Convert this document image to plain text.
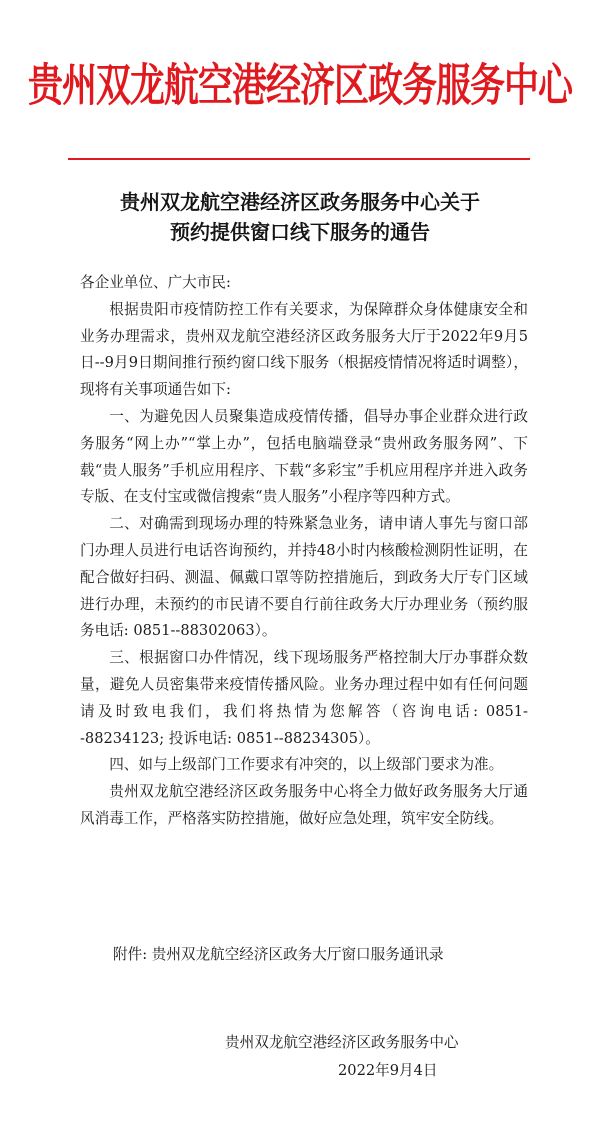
贵州双龙航空港经济区政务服务中心
贵州双龙航空港经济区政务服务中心关于
预约提供窗口线下服务的通告

各企业单位、广大市民:

根据贵阳市疫情防控工作有关要求，为保障群众身体健康安全和业务办理需求，贵州双龙航空港经济区政务服务大厅于2022年9月5日--9月9日期间推行预约窗口线下服务（根据疫情情况将适时调整），现将有关事项通告如下:

一、为避免因人员聚集造成疫情传播，倡导办事企业群众进行政务服务“网上办”“掌上办”，包括电脑端登录“贵州政务服务网”、下载“贵人服务”手机应用程序、下载“多彩宝”手机应用程序并进入政务专版、在支付宝或微信搜索“贵人服务”小程序等四种方式。

二、对确需到现场办理的特殊紧急业务，请申请人事先与窗口部门办理人员进行电话咨询预约，并持48小时内核酸检测阴性证明，在配合做好扫码、测温、佩戴口罩等防控措施后，到政务大厅专门区域进行办理，未预约的市民请不要自行前往政务大厅办理业务（预约服务电话: 0851--88302063）。

三、根据窗口办件情况，线下现场服务严格控制大厅办事群众数量，避免人员密集带来疫情传播风险。业务办理过程中如有任何问题请及时致电我们，我们将热情为您解答（咨询电话: 0851--88234123; 投诉电话: 0851--88234305）。

四、如与上级部门工作要求有冲突的，以上级部门要求为准。

贵州双龙航空港经济区政务服务中心将全力做好政务服务大厅通风消毒工作，严格落实防控措施，做好应急处理，筑牢安全防线。

附件: 贵州双龙航空经济区政务大厅窗口服务通讯录
贵州双龙航空港经济区政务服务中心
2022年9月4日
